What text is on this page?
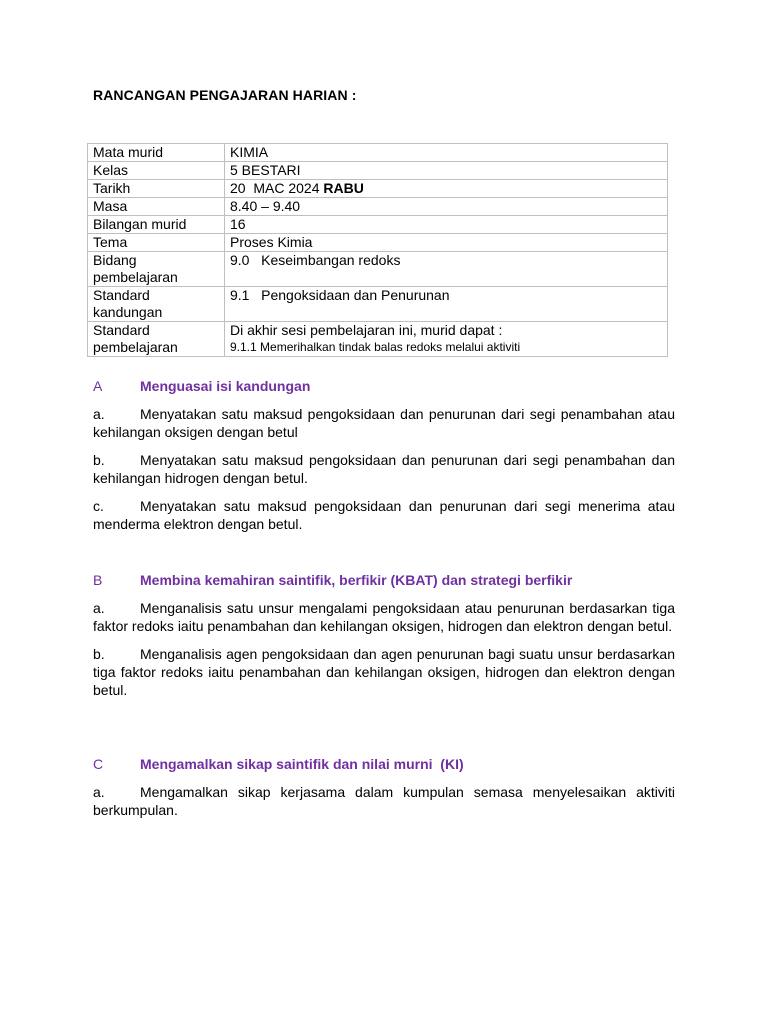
RANCANGAN PENGAJARAN HARIAN :
Mata murid	KIMIA
Kelas	5 BESTARI
Tarikh	20  MAC 2024 RABU
Masa	8.40 – 9.40
Bilangan murid	16
Tema	Proses Kimia
Bidang
pembelajaran	9.0   Keseimbangan redoks
Standard
kandungan	9.1   Pengoksidaan dan Penurunan
Standard
pembelajaran	Di akhir sesi pembelajaran ini, murid dapat :
9.1.1 Memerihalkan tindak balas redoks melalui aktiviti
A	Menguasai isi kandungan
a.	Menyatakan satu maksud pengoksidaan dan penurunan dari segi penambahan atau kehilangan oksigen dengan betul
b.	Menyatakan satu maksud pengoksidaan dan penurunan dari segi penambahan dan kehilangan hidrogen dengan betul.
c.	Menyatakan satu maksud pengoksidaan dan penurunan dari segi menerima atau menderma elektron dengan betul.
B	Membina kemahiran saintifik, berfikir (KBAT) dan strategi berfikir
a.	Menganalisis satu unsur mengalami pengoksidaan atau penurunan berdasarkan tiga faktor redoks iaitu penambahan dan kehilangan oksigen, hidrogen dan elektron dengan betul.
b.	Menganalisis agen pengoksidaan dan agen penurunan bagi suatu unsur berdasarkan tiga faktor redoks iaitu penambahan dan kehilangan oksigen, hidrogen dan elektron dengan betul.
C	Mengamalkan sikap saintifik dan nilai murni  (KI)
a.	Mengamalkan sikap kerjasama dalam kumpulan semasa menyelesaikan aktiviti berkumpulan.
